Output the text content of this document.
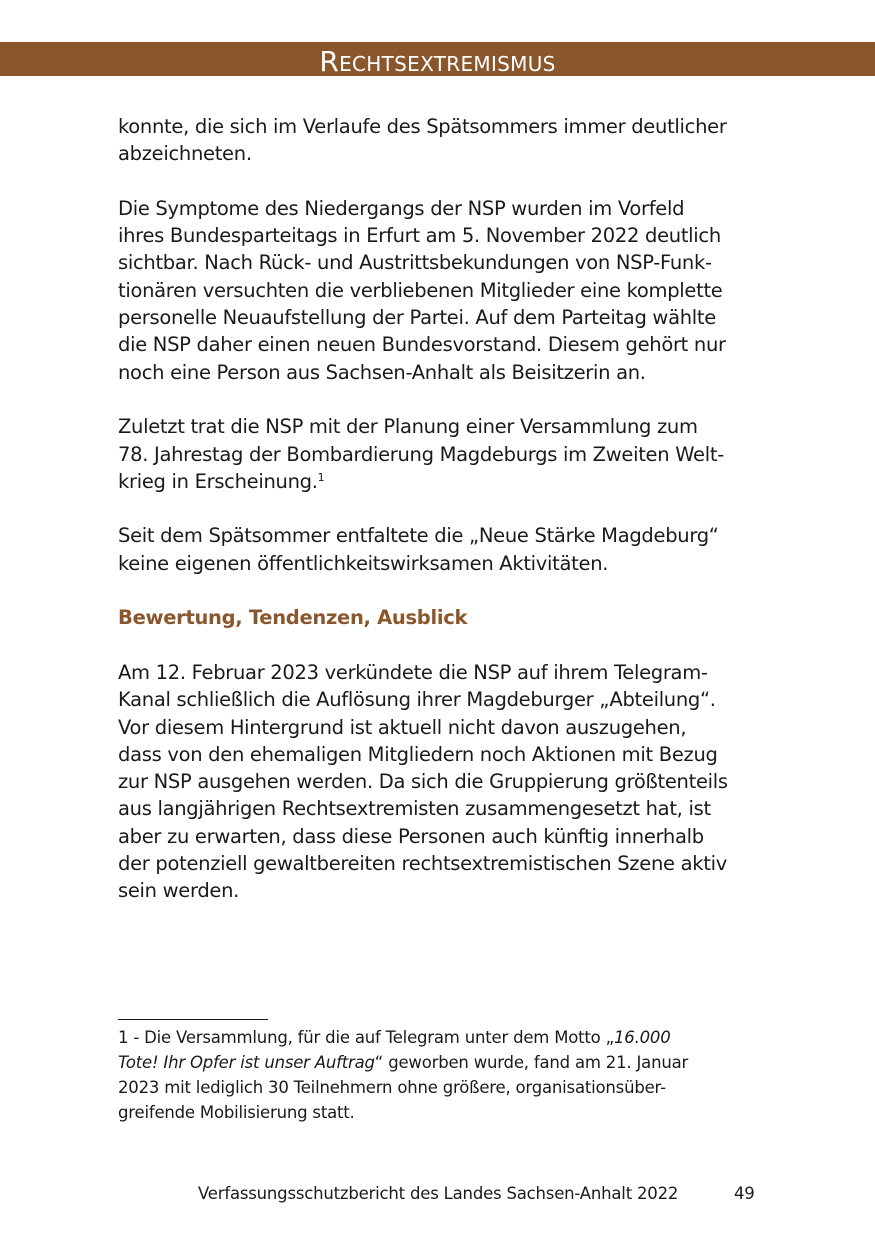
Rechtsextremismus
konnte, die sich im Verlaufe des Spätsommers immer deutlicher
abzeichneten.
Die Symptome des Niedergangs der NSP wurden im Vorfeld
ihres Bundesparteitags in Erfurt am 5. November 2022 deutlich
sichtbar. Nach Rück- und Austrittsbekundungen von NSP-Funk-
tionären versuchten die verbliebenen Mitglieder eine komplette
personelle Neuaufstellung der Partei. Auf dem Parteitag wählte
die NSP daher einen neuen Bundesvorstand. Diesem gehört nur
noch eine Person aus Sachsen-Anhalt als Beisitzerin an.
Zuletzt trat die NSP mit der Planung einer Versammlung zum
78. Jahrestag der Bombardierung Magdeburgs im Zweiten Welt-
krieg in Erscheinung.$^1$
Seit dem Spätsommer entfaltete die „Neue Stärke Magdeburg“
keine eigenen öffentlichkeitswirksamen Aktivitäten.
Bewertung, Tendenzen, Ausblick
Am 12. Februar 2023 verkündete die NSP auf ihrem Telegram-
Kanal schließlich die Auflösung ihrer Magdeburger „Abteilung“.
Vor diesem Hintergrund ist aktuell nicht davon auszugehen,
dass von den ehemaligen Mitgliedern noch Aktionen mit Bezug
zur NSP ausgehen werden. Da sich die Gruppierung größtenteils
aus langjährigen Rechtsextremisten zusammengesetzt hat, ist
aber zu erwarten, dass diese Personen auch künftig innerhalb
der potenziell gewaltbereiten rechtsextremistischen Szene aktiv
sein werden.
1 - Die Versammlung, für die auf Telegram unter dem Motto „16.000
Tote! Ihr Opfer ist unser Auftrag“ geworben wurde, fand am 21. Januar
2023 mit lediglich 30 Teilnehmern ohne größere, organisationsüber-
greifende Mobilisierung statt.
Verfassungsschutzbericht des Landes Sachsen-Anhalt 2022	49
